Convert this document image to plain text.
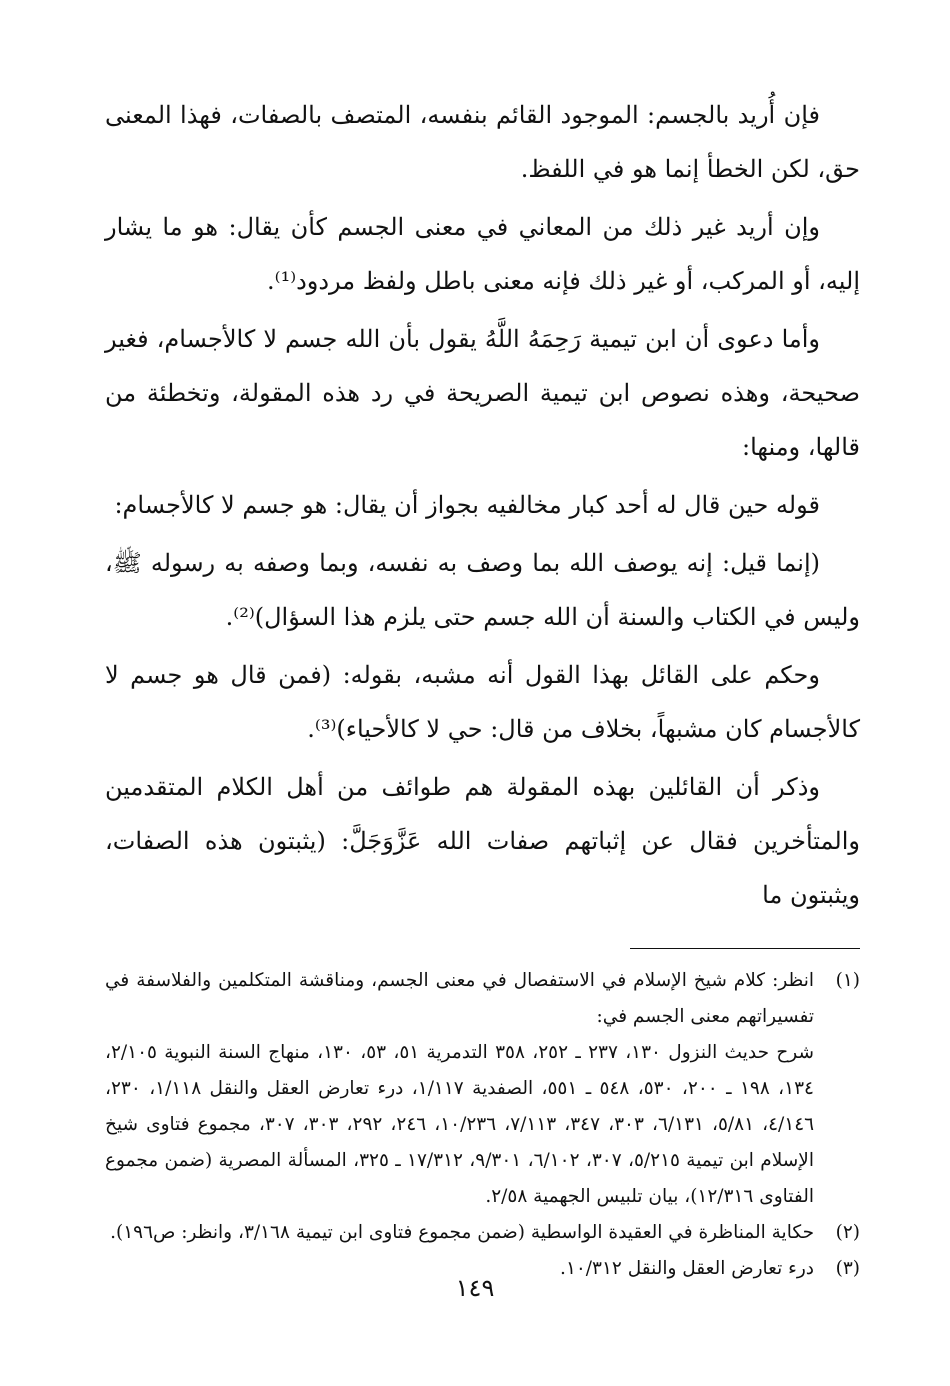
فإن أُريد بالجسم: الموجود القائم بنفسه، المتصف بالصفات، فهذا المعنى حق، لكن الخطأ إنما هو في اللفظ.

وإن أريد غير ذلك من المعاني في معنى الجسم كأن يقال: هو ما يشار إليه، أو المركب، أو غير ذلك فإنه معنى باطل ولفظ مردود⁽¹⁾.

وأما دعوى أن ابن تيمية رَحِمَهُ اللَّهُ يقول بأن الله جسم لا كالأجسام، فغير صحيحة، وهذه نصوص ابن تيمية الصريحة في رد هذه المقولة، وتخطئة من قالها، ومنها:

قوله حين قال له أحد كبار مخالفيه بجواز أن يقال: هو جسم لا كالأجسام:

(إنما قيل: إنه يوصف الله بما وصف به نفسه، وبما وصفه به رسوله ﷺ، وليس في الكتاب والسنة أن الله جسم حتى يلزم هذا السؤال)⁽²⁾.

وحكم على القائل بهذا القول أنه مشبه، بقوله: (فمن قال هو جسم لا كالأجسام كان مشبهاً، بخلاف من قال: حي لا كالأحياء)⁽³⁾.

وذكر أن القائلين بهذه المقولة هم طوائف من أهل الكلام المتقدمين والمتأخرين فقال عن إثباتهم صفات الله عَزَّوَجَلَّ: (يثبتون هذه الصفات، ويثبتون ما

(١)

انظر: كلام شيخ الإسلام في الاستفصال في معنى الجسم، ومناقشة المتكلمين والفلاسفة في تفسيراتهم معنى الجسم في:

شرح حديث النزول ١٣٠، ٢٣٧ ـ ٢٥٢، ٣٥٨ التدمرية ٥١، ٥٣، ١٣٠، منهاج السنة النبوية ٢/١٠٥، ١٣٤، ١٩٨ ـ ٢٠٠، ٥٣٠، ٥٤٨ ـ ٥٥١، الصفدية ١/١١٧، درء تعارض العقل والنقل ١/١١٨، ٢٣٠، ٤/١٤٦، ٥/٨١، ٦/١٣١، ٣٠٣، ٣٤٧، ٧/١١٣، ١٠/٢٣٦، ٢٤٦، ٢٩٢، ٣٠٣، ٣٠٧، مجموع فتاوى شيخ الإسلام ابن تيمية ٥/٢١٥، ٣٠٧، ٦/١٠٢، ٩/٣٠١، ١٧/٣١٢ ـ ٣٢٥، المسألة المصرية (ضمن مجموع الفتاوى ١٢/٣١٦)، بيان تلبيس الجهمية ٢/٥٨.

(٢)

حكاية المناظرة في العقيدة الواسطية (ضمن مجموع فتاوى ابن تيمية ٣/١٦٨، وانظر: ص١٩٦).

(٣)

درء تعارض العقل والنقل ١٠/٣١٢.

١٤٩
